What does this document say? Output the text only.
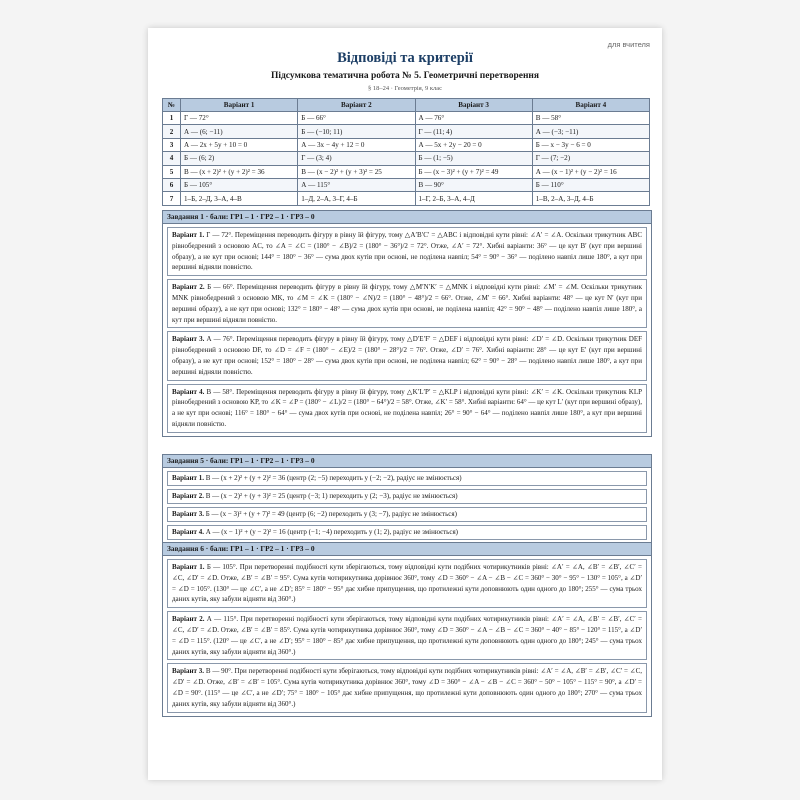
для вчителя
Відповіді та критерії
Підсумкова тематична робота № 5. Геометричні перетворення
§ 18–24 · Геометрія, 9 клас
№	Варіант 1	Варіант 2	Варіант 3	Варіант 4
1	Г — 72°	Б — 66°	А — 76°	В — 58°
2	А — (6; −11)	Б — (−10; 11)	Г — (11; 4)	А — (−3; −11)
3	А — 2x + 5y + 10 = 0	А — 3x − 4y + 12 = 0	А — 5x + 2y − 20 = 0	Б — x − 3y − 6 = 0
4	Б — (6; 2)	Г — (3; 4)	Б — (1; −5)	Г — (7; −2)
5	В — (x + 2)² + (y + 2)² = 36	В — (x − 2)² + (y + 3)² = 25	Б — (x − 3)² + (y + 7)² = 49	А — (x − 1)² + (y − 2)² = 16
6	Б — 105°	А — 115°	В — 90°	Б — 110°
7	1–Б, 2–Д, 3–А, 4–В	1–Д, 2–А, 3–Г, 4–Б	1–Г, 2–Б, 3–А, 4–Д	1–В, 2–А, 3–Д, 4–Б
Завдання 1 · бали: ГР1 – 1 · ГР2 – 1 · ГР3 – 0
Варіант 1. Г — 72°. Переміщення переводить фігуру в рівну їй фігуру, тому △A′B′C′ = △ABC і відповідні кути рівні: ∠A′ = ∠A. Оскільки трикутник ABC рівнобедрений з основою AC, то ∠A = ∠C = (180° − ∠B)/2 = (180° − 36°)/2 = 72°. Отже, ∠A′ = 72°. Хибні варіанти: 36° — це кут B′ (кут при вершині образу), а не кут при основі; 144° = 180° − 36° — сума двох кутів при основі, не поділена навпіл; 54° = 90° − 36° — поділено навпіл лише 180°, а кут при вершині відняли повністю.
Варіант 2. Б — 66°. Переміщення переводить фігуру в рівну їй фігуру, тому △M′N′K′ = △MNK і відповідні кути рівні: ∠M′ = ∠M. Оскільки трикутник MNK рівнобедрений з основою MK, то ∠M = ∠K = (180° − ∠N)/2 = (180° − 48°)/2 = 66°. Отже, ∠M′ = 66°. Хибні варіанти: 48° — це кут N′ (кут при вершині образу), а не кут при основі; 132° = 180° − 48° — сума двох кутів при основі, не поділена навпіл; 42° = 90° − 48° — поділено навпіл лише 180°, а кут при вершині відняли повністю.
Варіант 3. А — 76°. Переміщення переводить фігуру в рівну їй фігуру, тому △D′E′F′ = △DEF і відповідні кути рівні: ∠D′ = ∠D. Оскільки трикутник DEF рівнобедрений з основою DF, то ∠D = ∠F = (180° − ∠E)/2 = (180° − 28°)/2 = 76°. Отже, ∠D′ = 76°. Хибні варіанти: 28° — це кут E′ (кут при вершині образу), а не кут при основі; 152° = 180° − 28° — сума двох кутів при основі, не поділена навпіл; 62° = 90° − 28° — поділено навпіл лише 180°, а кут при вершині відняли повністю.
Варіант 4. В — 58°. Переміщення переводить фігуру в рівну їй фігуру, тому △K′L′P′ = △KLP і відповідні кути рівні: ∠K′ = ∠K. Оскільки трикутник KLP рівнобедрений з основою KP, то ∠K = ∠P = (180° − ∠L)/2 = (180° − 64°)/2 = 58°. Отже, ∠K′ = 58°. Хибні варіанти: 64° — це кут L′ (кут при вершині образу), а не кут при основі; 116° = 180° − 64° — сума двох кутів при основі, не поділена навпіл; 26° = 90° − 64° — поділено навпіл лише 180°, а кут при вершині відняли повністю.
Завдання 5 · бали: ГР1 – 1 · ГР2 – 1 · ГР3 – 0
Варіант 1. В — (x + 2)² + (y + 2)² = 36 (центр (2; −5) переходить у (−2; −2), радіус не змінюється)
Варіант 2. В — (x − 2)² + (y + 3)² = 25 (центр (−3; 1) переходить у (2; −3), радіус не змінюється)
Варіант 3. Б — (x − 3)² + (y + 7)² = 49 (центр (6; −2) переходить у (3; −7), радіус не змінюється)
Варіант 4. А — (x − 1)² + (y − 2)² = 16 (центр (−1; −4) переходить у (1; 2), радіус не змінюється)
Завдання 6 · бали: ГР1 – 1 · ГР2 – 1 · ГР3 – 0
Варіант 1. Б — 105°. При перетворенні подібності кути зберігаються, тому відповідні кути подібних чотирикутників рівні: ∠A′ = ∠A, ∠B′ = ∠B′, ∠C′ = ∠C, ∠D′ = ∠D. Отже, ∠B′ = ∠B′ = 95°. Сума кутів чотирикутника дорівнює 360°, тому ∠D = 360° − ∠A − ∠B − ∠C = 360° − 30° − 95° − 130° = 105°, а ∠D′ = ∠D = 105°. (130° — це ∠C′, а не ∠D′; 85° = 180° − 95° дає хибне припущення, що протилежні кути доповнюють один одного до 180°; 255° — сума трьох даних кутів, яку забули відняти від 360°.)
Варіант 2. А — 115°. При перетворенні подібності кути зберігаються, тому відповідні кути подібних чотирикутників рівні: ∠A′ = ∠A, ∠B′ = ∠B′, ∠C′ = ∠C, ∠D′ = ∠D. Отже, ∠B′ = ∠B′ = 85°. Сума кутів чотирикутника дорівнює 360°, тому ∠D = 360° − ∠A − ∠B − ∠C = 360° − 40° − 85° − 120° = 115°, а ∠D′ = ∠D = 115°. (120° — це ∠C′, а не ∠D′; 95° = 180° − 85° дає хибне припущення, що протилежні кути доповнюють один одного до 180°; 245° — сума трьох даних кутів, яку забули відняти від 360°.)
Варіант 3. В — 90°. При перетворенні подібності кути зберігаються, тому відповідні кути подібних чотирикутників рівні: ∠A′ = ∠A, ∠B′ = ∠B′, ∠C′ = ∠C, ∠D′ = ∠D. Отже, ∠B′ = ∠B′ = 105°. Сума кутів чотирикутника дорівнює 360°, тому ∠D = 360° − ∠A − ∠B − ∠C = 360° − 50° − 105° − 115° = 90°, а ∠D′ = ∠D = 90°. (115° — це ∠C′, а не ∠D′; 75° = 180° − 105° дає хибне припущення, що протилежні кути доповнюють один одного до 180°; 270° — сума трьох даних кутів, яку забули відняти від 360°.)
